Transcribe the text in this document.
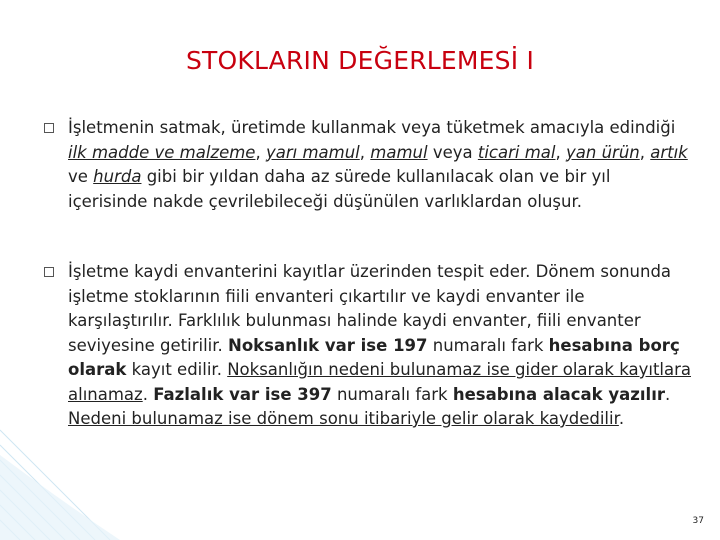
STOKLARIN DEĞERLEMESİ I
İşletmenin satmak, üretimde kullanmak veya tüketmek amacıyla edindiği ilk madde ve malzeme, yarı mamul, mamul veya ticari mal, yan ürün, artık ve hurda gibi bir yıldan daha az sürede kullanılacak olan ve bir yıl içerisinde nakde çevrilebileceği düşünülen varlıklardan oluşur.
İşletme kaydi envanterini kayıtlar üzerinden tespit eder. Dönem sonunda işletme stoklarının fiili envanteri çıkartılır ve kaydi envanter ile karşılaştırılır. Farklılık bulunması halinde kaydi envanter, fiili envanter seviyesine getirilir. Noksanlık var ise 197 numaralı fark hesabına borç olarak kayıt edilir. Noksanlığın nedeni bulunamaz ise gider olarak kayıtlara alınamaz. Fazlalık var ise 397 numaralı fark hesabına alacak yazılır. Nedeni bulunamaz ise dönem sonu itibariyle gelir olarak kaydedilir.
37
